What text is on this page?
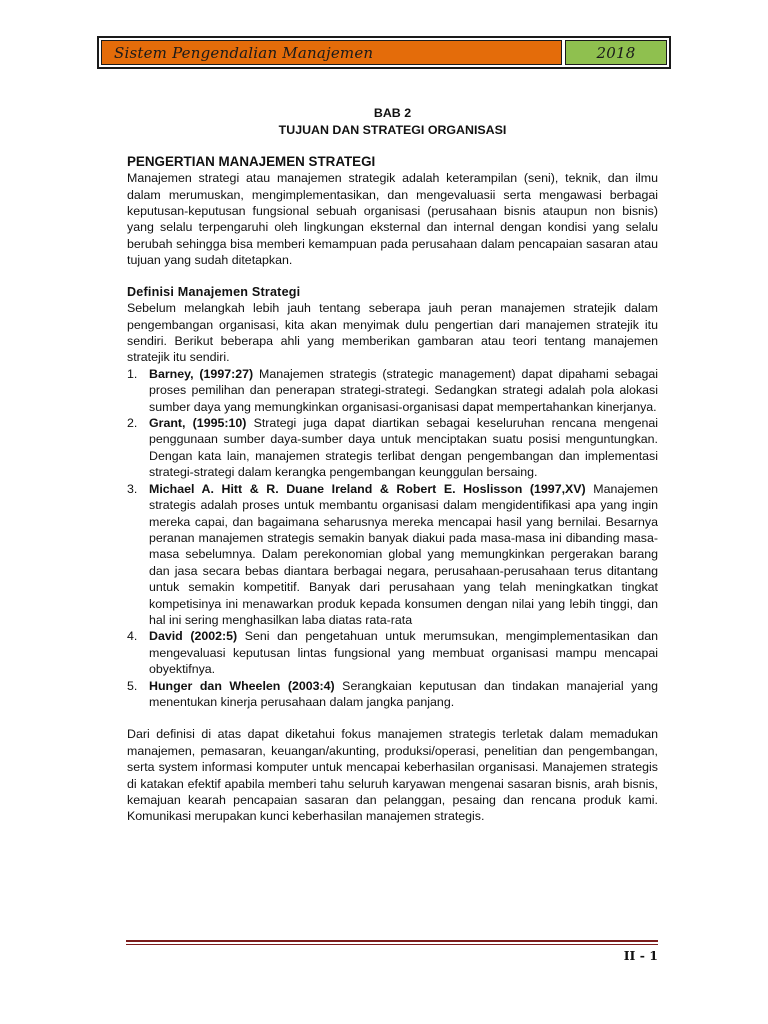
Sistem Pengendalian Manajemen	2018
BAB 2
TUJUAN DAN STRATEGI ORGANISASI
PENGERTIAN MANAJEMEN STRATEGI

Manajemen strategi atau manajemen strategik adalah keterampilan (seni), teknik, dan ilmu dalam merumuskan, mengimplementasikan, dan mengevaluasii serta mengawasi berbagai keputusan-keputusan fungsional sebuah organisasi (perusahaan bisnis ataupun non bisnis) yang selalu terpengaruhi oleh lingkungan eksternal dan internal dengan kondisi yang selalu berubah sehingga bisa memberi kemampuan pada perusahaan dalam pencapaian sasaran atau tujuan yang sudah ditetapkan.

Definisi Manajemen Strategi

Sebelum melangkah lebih jauh tentang seberapa jauh peran manajemen stratejik dalam pengembangan organisasi, kita akan menyimak dulu pengertian dari manajemen stratejik itu sendiri. Berikut beberapa ahli yang memberikan gambaran atau teori tentang manajemen stratejik itu sendiri.

1. Barney, (1997:27) Manajemen strategis (strategic management) dapat dipahami sebagai proses pemilihan dan penerapan strategi-strategi. Sedangkan strategi adalah pola alokasi sumber daya yang memungkinkan organisasi-organisasi dapat mempertahankan kinerjanya.
2. Grant, (1995:10) Strategi juga dapat diartikan sebagai keseluruhan rencana mengenai penggunaan sumber daya-sumber daya untuk menciptakan suatu posisi menguntungkan. Dengan kata lain, manajemen strategis terlibat dengan pengembangan dan implementasi strategi-strategi dalam kerangka pengembangan keunggulan bersaing.
3. Michael A. Hitt & R. Duane Ireland & Robert E. Hoslisson (1997,XV) Manajemen strategis adalah proses untuk membantu organisasi dalam mengidentifikasi apa yang ingin mereka capai, dan bagaimana seharusnya mereka mencapai hasil yang bernilai. Besarnya peranan manajemen strategis semakin banyak diakui pada masa-masa ini dibanding masa-masa sebelumnya. Dalam perekonomian global yang memungkinkan pergerakan barang dan jasa secara bebas diantara berbagai negara, perusahaan-perusahaan terus ditantang untuk semakin kompetitif. Banyak dari perusahaan yang telah meningkatkan tingkat kompetisinya ini menawarkan produk kepada konsumen dengan nilai yang lebih tinggi, dan hal ini sering menghasilkan laba diatas rata-rata
4. David (2002:5) Seni dan pengetahuan untuk merumsukan, mengimplementasikan dan mengevaluasi keputusan lintas fungsional yang membuat organisasi mampu mencapai obyektifnya.
5. Hunger dan Wheelen (2003:4) Serangkaian keputusan dan tindakan manajerial yang menentukan kinerja perusahaan dalam jangka panjang.

Dari definisi di atas dapat diketahui fokus manajemen strategis terletak dalam memadukan manajemen, pemasaran, keuangan/akunting, produksi/operasi, penelitian dan pengembangan, serta system informasi komputer untuk mencapai keberhasilan organisasi. Manajemen strategis di katakan efektif apabila memberi tahu seluruh karyawan mengenai sasaran bisnis, arah bisnis, kemajuan kearah pencapaian sasaran dan pelanggan, pesaing dan rencana produk kami. Komunikasi merupakan kunci keberhasilan manajemen strategis.

II - 1
